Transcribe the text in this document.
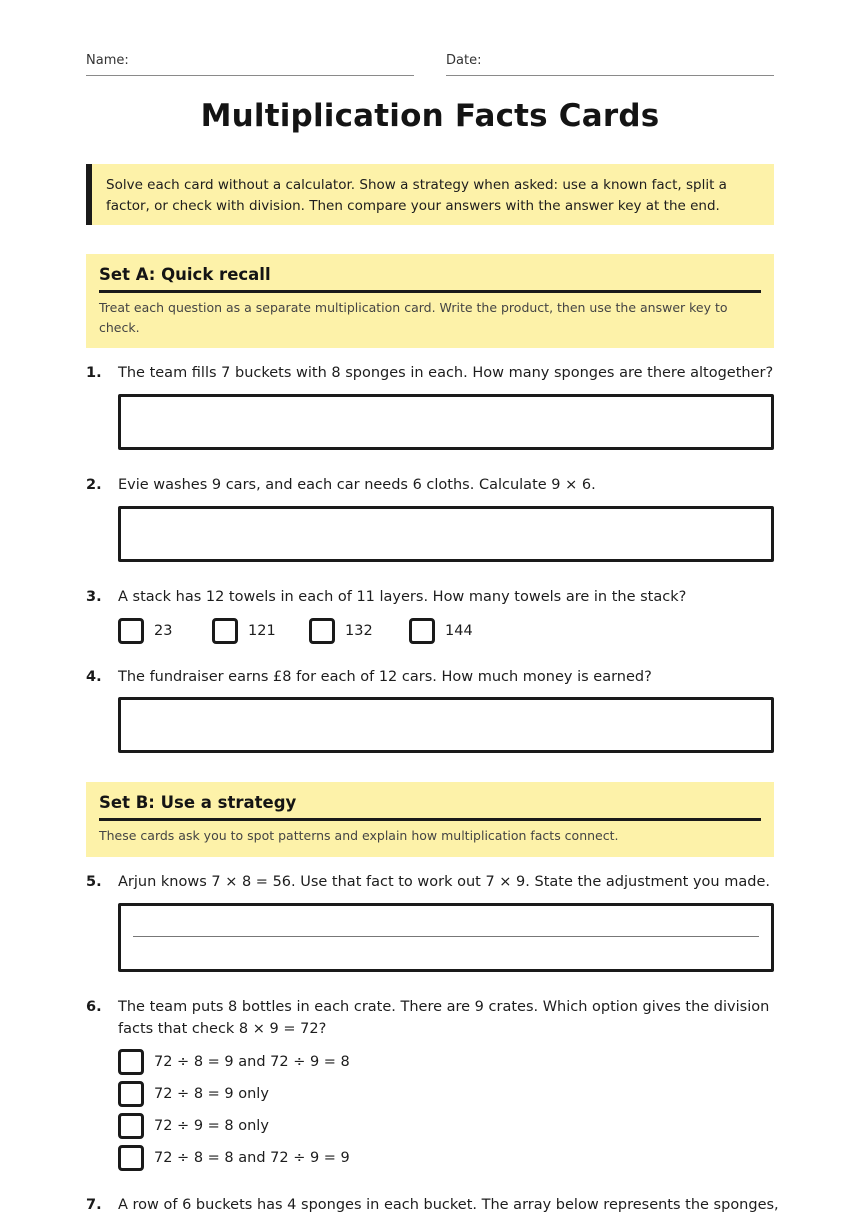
Name:	Date:
Multiplication Facts Cards
Solve each card without a calculator. Show a strategy when asked: use a known fact, split a factor, or check with division. Then compare your answers with the answer key at the end.
Set A: Quick recall
Treat each question as a separate multiplication card. Write the product, then use the answer key to check.
1. The team fills 7 buckets with 8 sponges in each. How many sponges are there altogether?
2. Evie washes 9 cars, and each car needs 6 cloths. Calculate 9 × 6.
3. A stack has 12 towels in each of 11 layers. How many towels are in the stack?
23	121	132	144
4. The fundraiser earns £8 for each of 12 cars. How much money is earned?
Set B: Use a strategy
These cards ask you to spot patterns and explain how multiplication facts connect.
5. Arjun knows 7 × 8 = 56. Use that fact to work out 7 × 9. State the adjustment you made.
6. The team puts 8 bottles in each crate. There are 9 crates. Which option gives the division facts that check 8 × 9 = 72?
72 ÷ 8 = 9 and 72 ÷ 9 = 8
72 ÷ 8 = 9 only
72 ÷ 9 = 8 only
72 ÷ 8 = 8 and 72 ÷ 9 = 9
7. A row of 6 buckets has 4 sponges in each bucket. The array below represents the sponges,
